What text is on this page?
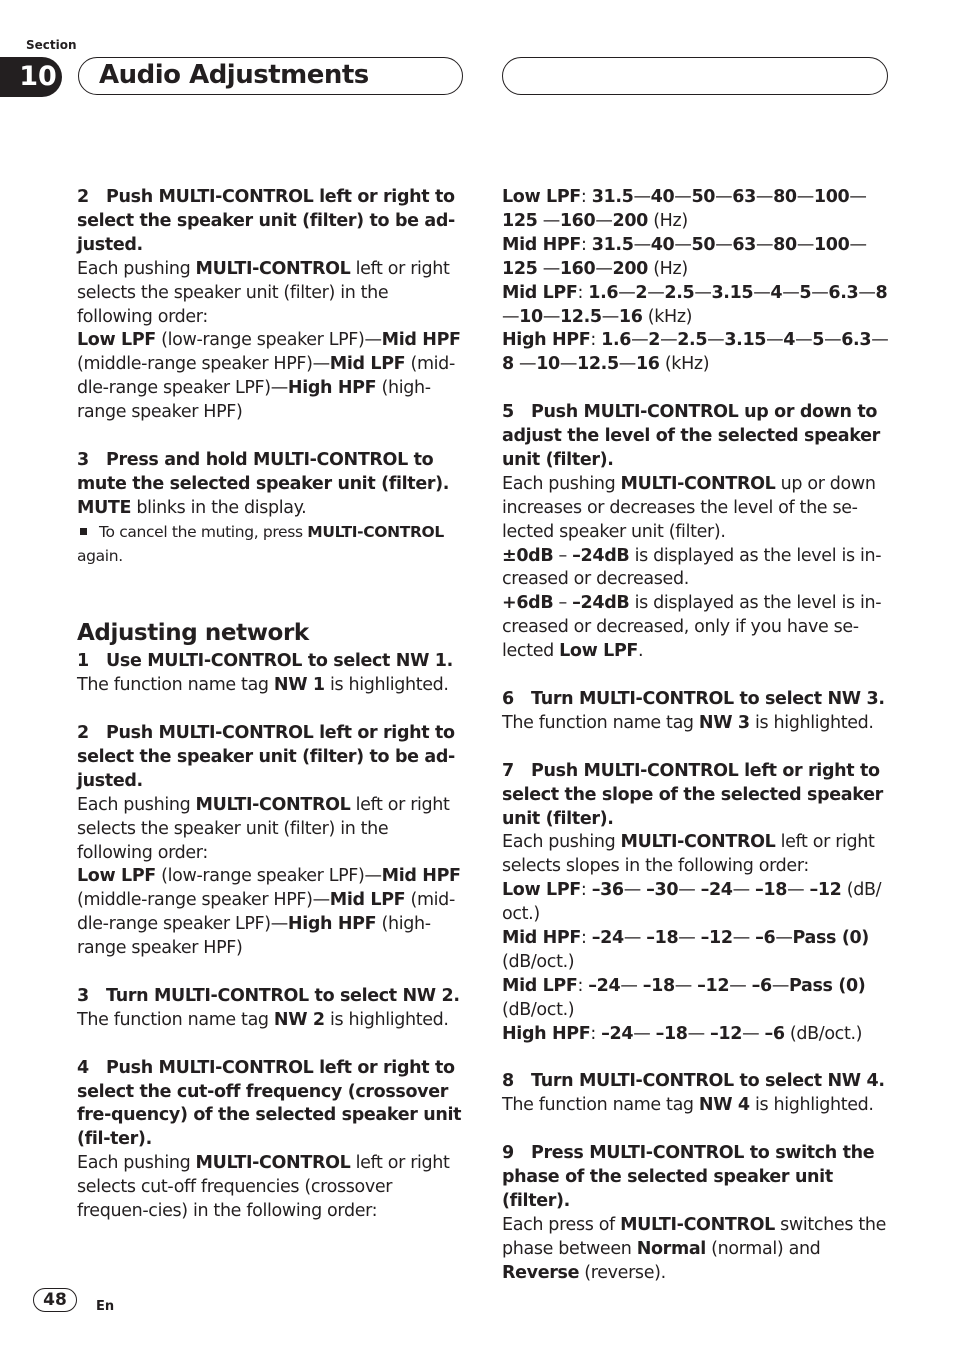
Section
10 Audio Adjustments

2   Push MULTI-CONTROL left or right to select the speaker unit (filter) to be ad-justed.

Each pushing MULTI-CONTROL left or right selects the speaker unit (filter) in the following order:

Low LPF (low-range speaker LPF)—Mid HPF (middle-range speaker HPF)—Mid LPF (mid-dle-range speaker LPF)—High HPF (high-range speaker HPF)

3   Press and hold MULTI-CONTROL to mute the selected speaker unit (filter).

MUTE blinks in the display.

To cancel the muting, press MULTI-CONTROL again.

Adjusting network

1   Use MULTI-CONTROL to select NW 1.

The function name tag NW 1 is highlighted.

2   Push MULTI-CONTROL left or right to select the speaker unit (filter) to be ad-justed.

Each pushing MULTI-CONTROL left or right selects the speaker unit (filter) in the following order:

Low LPF (low-range speaker LPF)—Mid HPF (middle-range speaker HPF)—Mid LPF (mid-dle-range speaker LPF)—High HPF (high-range speaker HPF)

3   Turn MULTI-CONTROL to select NW 2.

The function name tag NW 2 is highlighted.

4   Push MULTI-CONTROL left or right to select the cut-off frequency (crossover fre-quency) of the selected speaker unit (fil-ter).

Each pushing MULTI-CONTROL left or right selects cut-off frequencies (crossover frequen-cies) in the following order:

Low LPF: 31.5—40—50—63—80—100—125 —160—200 (Hz)

Mid HPF: 31.5—40—50—63—80—100—125 —160—200 (Hz)

Mid LPF: 1.6—2—2.5—3.15—4—5—6.3—8 —10—12.5—16 (kHz)

High HPF: 1.6—2—2.5—3.15—4—5—6.3—8 —10—12.5—16 (kHz)

5   Push MULTI-CONTROL up or down to adjust the level of the selected speaker unit (filter).

Each pushing MULTI-CONTROL up or down increases or decreases the level of the se-lected speaker unit (filter).

±0dB – –24dB is displayed as the level is in-creased or decreased.

+6dB – –24dB is displayed as the level is in-creased or decreased, only if you have se-lected Low LPF.

6   Turn MULTI-CONTROL to select NW 3.

The function name tag NW 3 is highlighted.

7   Push MULTI-CONTROL left or right to select the slope of the selected speaker unit (filter).

Each pushing MULTI-CONTROL left or right selects slopes in the following order:

Low LPF: –36— –30— –24— –18— –12 (dB/ oct.)

Mid HPF: –24— –18— –12— –6—Pass (0) (dB/oct.)

Mid LPF: –24— –18— –12— –6—Pass (0) (dB/oct.)

High HPF: –24— –18— –12— –6 (dB/oct.)

8   Turn MULTI-CONTROL to select NW 4.

The function name tag NW 4 is highlighted.

9   Press MULTI-CONTROL to switch the phase of the selected speaker unit (filter).

Each press of MULTI-CONTROL switches the phase between Normal (normal) and Reverse (reverse).

48	En
